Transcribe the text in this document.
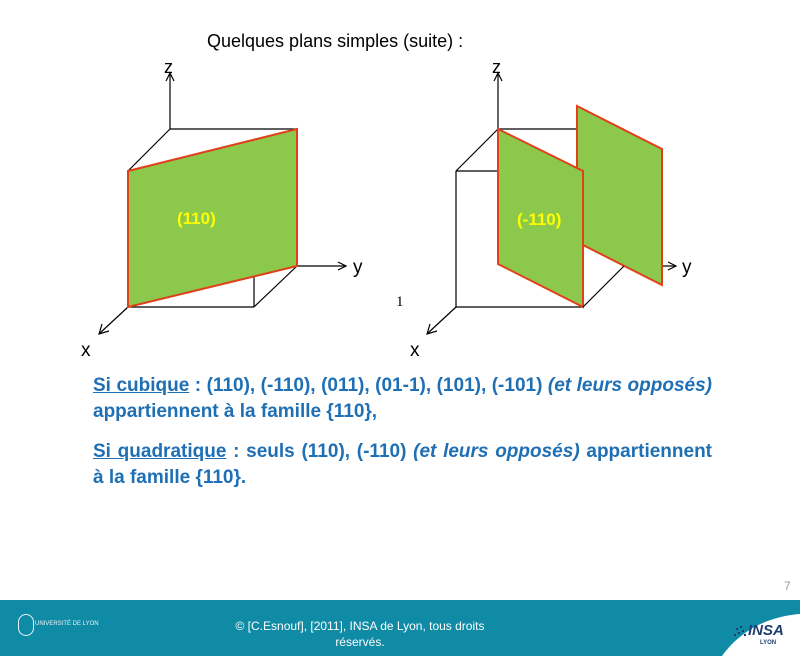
Quelques plans simples (suite) :
z
y
x
(110)
z
y
x
(-110)
1

Si cubique : (110), (-110), (011), (01-1), (101), (-101) (et leurs opposés) appartiennent à la famille {110},

Si quadratique : seuls (110), (-110) (et leurs opposés) appartiennent à la famille {110}.

7
UNIVERSITÉ DE LYON	© [C.Esnouf], [2011], INSA de Lyon, tous droits réservés.
INSA
LYON
